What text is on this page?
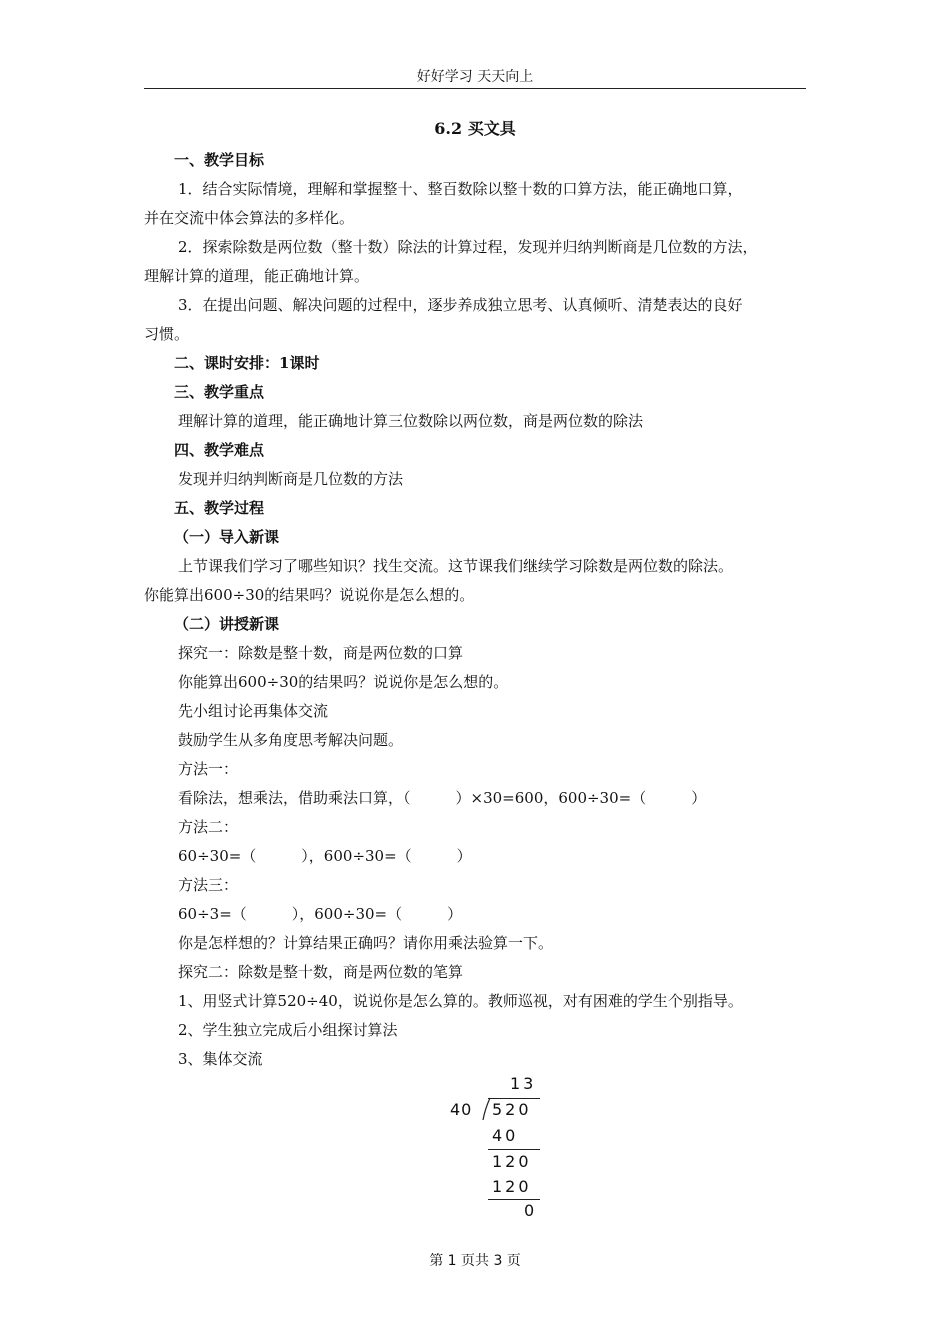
好好学习 天天向上
6.2 买文具
一、教学目标
1．结合实际情境，理解和掌握整十、整百数除以整十数的口算方法，能正确地口算，
并在交流中体会算法的多样化。
2．探索除数是两位数（整十数）除法的计算过程，发现并归纳判断商是几位数的方法，
理解计算的道理，能正确地计算。
3．在提出问题、解决问题的过程中，逐步养成独立思考、认真倾听、清楚表达的良好
习惯。
二、课时安排：1课时
三、教学重点
理解计算的道理，能正确地计算三位数除以两位数，商是两位数的除法
四、教学难点
发现并归纳判断商是几位数的方法
五、教学过程
（一）导入新课
上节课我们学习了哪些知识？找生交流。这节课我们继续学习除数是两位数的除法。
你能算出600÷30的结果吗？说说你是怎么想的。
（二）讲授新课
探究一：除数是整十数，商是两位数的口算
你能算出600÷30的结果吗？说说你是怎么想的。
先小组讨论再集体交流
鼓励学生从多角度思考解决问题。
方法一：
看除法，想乘法，借助乘法口算，（　　　）×30=600，600÷30=（　　　）
方法二：
60÷30=（　　　），600÷30=（　　　）
方法三：
60÷3=（　　　），600÷30=（　　　）
你是怎样想的？计算结果正确吗？请你用乘法验算一下。
探究二：除数是整十数，商是两位数的笔算
1、用竖式计算520÷40，说说你是怎么算的。教师巡视，对有困难的学生个别指导。
2、学生独立完成后小组探讨算法
3、集体交流
13
40 520
40
120
120
0
第 1 页共 3 页
